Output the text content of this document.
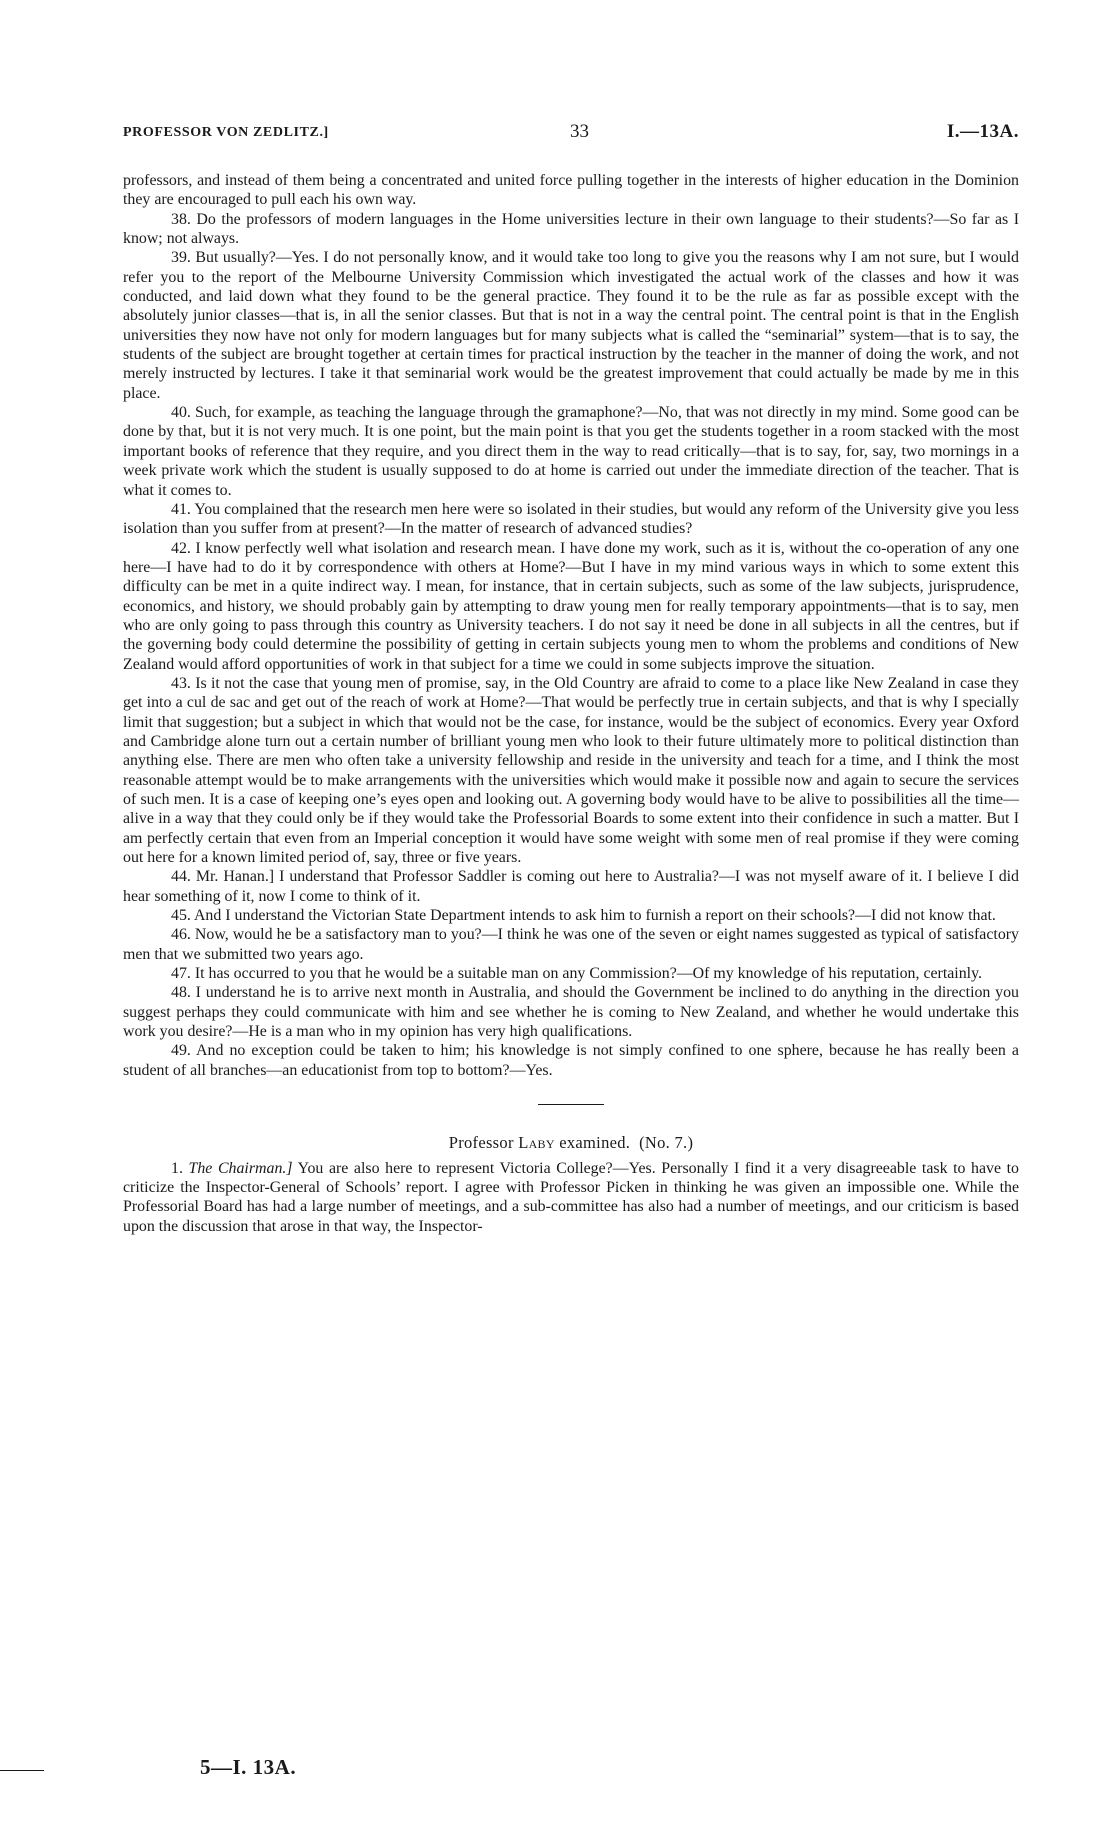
PROFESSOR VON ZEDLITZ.]	33	I.—13A.

professors, and instead of them being a concentrated and united force pulling together in the interests of higher education in the Dominion they are encouraged to pull each his own way.

38. Do the professors of modern languages in the Home universities lecture in their own language to their students?—So far as I know; not always.

39. But usually?—Yes. I do not personally know, and it would take too long to give you the reasons why I am not sure, but I would refer you to the report of the Melbourne University Commission which investigated the actual work of the classes and how it was conducted, and laid down what they found to be the general practice. They found it to be the rule as far as possible except with the absolutely junior classes—that is, in all the senior classes. But that is not in a way the central point. The central point is that in the English universities they now have not only for modern languages but for many subjects what is called the “seminarial” system—that is to say, the students of the subject are brought together at certain times for practical instruction by the teacher in the manner of doing the work, and not merely instructed by lectures. I take it that seminarial work would be the greatest improvement that could actually be made by me in this place.

40. Such, for example, as teaching the language through the gramaphone?—No, that was not directly in my mind. Some good can be done by that, but it is not very much. It is one point, but the main point is that you get the students together in a room stacked with the most important books of reference that they require, and you direct them in the way to read critically—that is to say, for, say, two mornings in a week private work which the student is usually supposed to do at home is carried out under the immediate direction of the teacher. That is what it comes to.

41. You complained that the research men here were so isolated in their studies, but would any reform of the University give you less isolation than you suffer from at present?—In the matter of research of advanced studies?

42. I know perfectly well what isolation and research mean. I have done my work, such as it is, without the co-operation of any one here—I have had to do it by correspondence with others at Home?—But I have in my mind various ways in which to some extent this difficulty can be met in a quite indirect way. I mean, for instance, that in certain subjects, such as some of the law subjects, jurisprudence, economics, and history, we should probably gain by attempting to draw young men for really temporary appointments—that is to say, men who are only going to pass through this country as University teachers. I do not say it need be done in all subjects in all the centres, but if the governing body could determine the possibility of getting in certain subjects young men to whom the problems and conditions of New Zealand would afford opportunities of work in that subject for a time we could in some subjects improve the situation.

43. Is it not the case that young men of promise, say, in the Old Country are afraid to come to a place like New Zealand in case they get into a cul de sac and get out of the reach of work at Home?—That would be perfectly true in certain subjects, and that is why I specially limit that suggestion; but a subject in which that would not be the case, for instance, would be the subject of economics. Every year Oxford and Cambridge alone turn out a certain number of brilliant young men who look to their future ultimately more to political distinction than anything else. There are men who often take a university fellowship and reside in the university and teach for a time, and I think the most reasonable attempt would be to make arrangements with the universities which would make it possible now and again to secure the services of such men. It is a case of keeping one’s eyes open and looking out. A governing body would have to be alive to possibilities all the time—alive in a way that they could only be if they would take the Professorial Boards to some extent into their confidence in such a matter. But I am perfectly certain that even from an Imperial conception it would have some weight with some men of real promise if they were coming out here for a known limited period of, say, three or five years.

44. Mr. Hanan.] I understand that Professor Saddler is coming out here to Australia?—I was not myself aware of it. I believe I did hear something of it, now I come to think of it.

45. And I understand the Victorian State Department intends to ask him to furnish a report on their schools?—I did not know that.

46. Now, would he be a satisfactory man to you?—I think he was one of the seven or eight names suggested as typical of satisfactory men that we submitted two years ago.

47. It has occurred to you that he would be a suitable man on any Commission?—Of my knowledge of his reputation, certainly.

48. I understand he is to arrive next month in Australia, and should the Government be inclined to do anything in the direction you suggest perhaps they could communicate with him and see whether he is coming to New Zealand, and whether he would undertake this work you desire?—He is a man who in my opinion has very high qualifications.

49. And no exception could be taken to him; his knowledge is not simply confined to one sphere, because he has really been a student of all branches—an educationist from top to bottom?—Yes.

Professor Laby examined. (No. 7.)

1. The Chairman.] You are also here to represent Victoria College?—Yes. Personally I find it a very disagreeable task to have to criticize the Inspector-General of Schools’ report. I agree with Professor Picken in thinking he was given an impossible one. While the Professorial Board has had a large number of meetings, and a sub-committee has also had a number of meetings, and our criticism is based upon the discussion that arose in that way, the Inspector-

5—I. 13A.
